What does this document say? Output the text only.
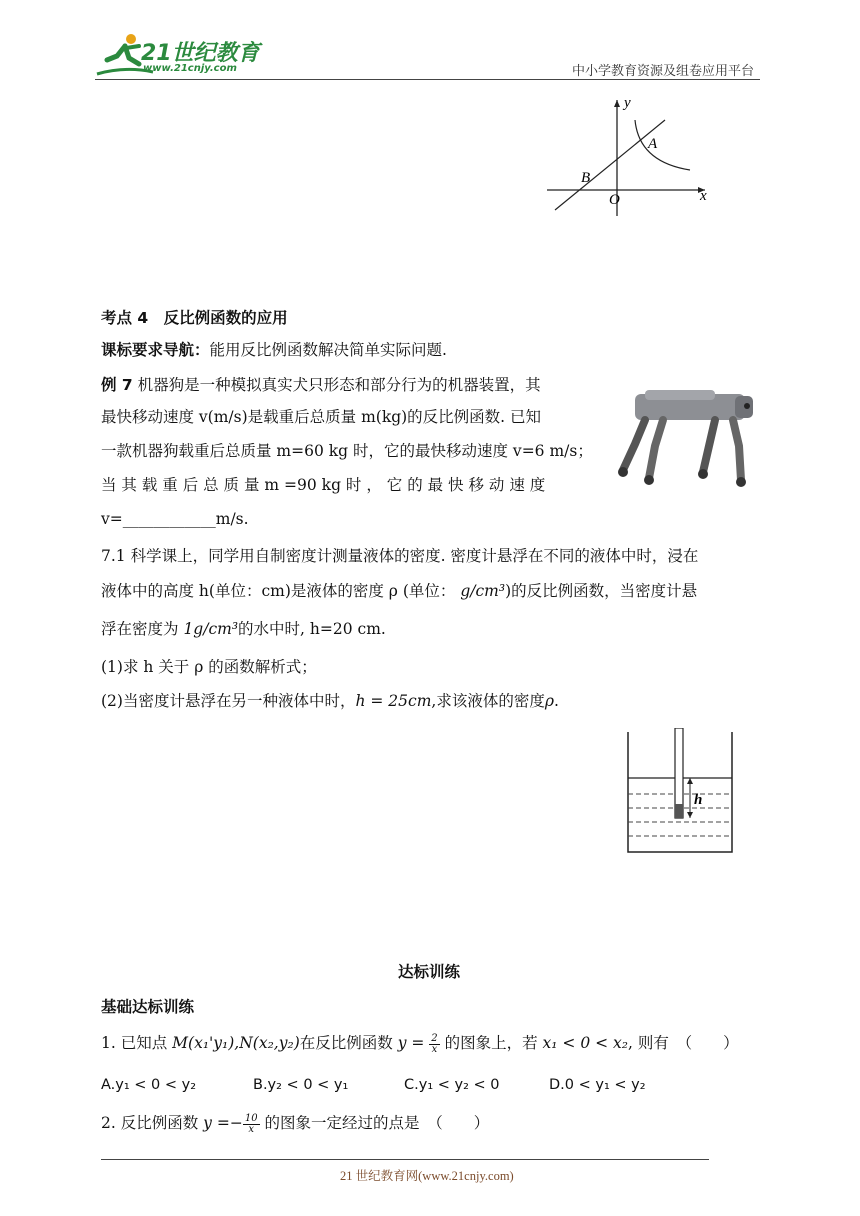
21世纪教育
www.21cnjy.com	中小学教育资源及组卷应用平台
y
x
A
B
O
考点 4　反比例函数的应用
课标要求导航：能用反比例函数解决简单实际问题.
例 7 机器狗是一种模拟真实犬只形态和部分行为的机器装置，其
最快移动速度 v(m/s)是载重后总质量 m(kg)的反比例函数. 已知
一款机器狗载重后总质量 m=60 kg 时，它的最快移动速度 v=6 m/s；
当 其 载 重 后 总 质 量 m =90 kg 时 ， 它 的 最 快 移 动 速 度
v=____________m/s.
7.1 科学课上，同学用自制密度计测量液体的密度. 密度计悬浮在不同的液体中时，浸在
液体中的高度 h(单位：cm)是液体的密度 ρ (单位： g/cm³)的反比例函数，当密度计悬
浮在密度为 1g/cm³的水中时, h=20 cm.
(1)求 h 关于 ρ 的函数解析式；
(2)当密度计悬浮在另一种液体中时，h = 25cm,求该液体的密度ρ.
h
达标训练
基础达标训练
1. 已知点 M(x₁'y₁),N(x₂,y₂)在反比例函数 $y = \frac{2}{x}$ 的图象上，若 x₁ < 0 < x₂, 则有　（　　）
A.y₁ < 0 < y₂	B.y₂ < 0 < y₁	C.y₁ < y₂ < 0	D.0 < y₁ < y₂
2. 反比例函数 $y =- \frac{10}{x}$ 的图象一定经过的点是　（　　）
21 世纪教育网(www.21cnjy.com)
